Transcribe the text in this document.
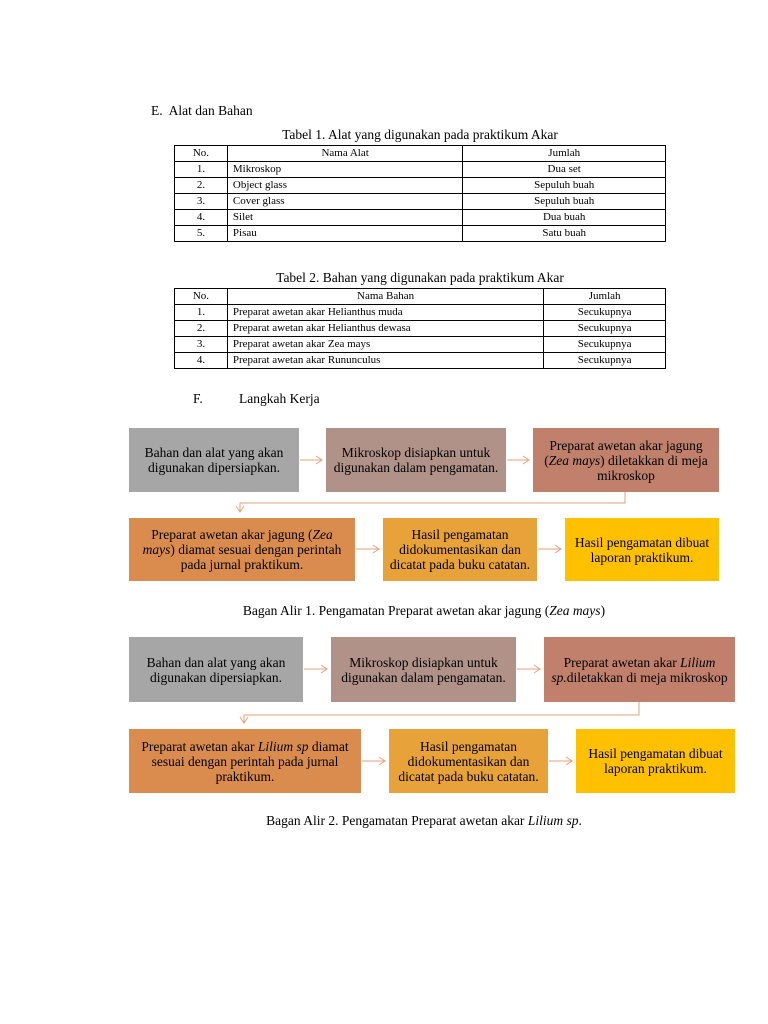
E. Alat dan Bahan
Tabel 1. Alat yang digunakan pada praktikum Akar
No.	Nama Alat	Jumlah
1.	Mikroskop	Dua set
2.	Object glass	Sepuluh buah
3.	Cover glass	Sepuluh buah
4.	Silet	Dua buah
5.	Pisau	Satu buah
Tabel 2. Bahan yang digunakan pada praktikum Akar
No.	Nama Bahan	Jumlah
1.	Preparat awetan akar Helianthus muda	Secukupnya
2.	Preparat awetan akar Helianthus dewasa	Secukupnya
3.	Preparat awetan akar Zea mays	Secukupnya
4.	Preparat awetan akar Rununculus	Secukupnya
F.	Langkah Kerja
Bahan dan alat yang akan digunakan dipersiapkan.
Mikroskop disiapkan untuk digunakan dalam pengamatan.
Preparat awetan akar jagung (Zea mays) diletakkan di meja mikroskop
Preparat awetan akar jagung (Zea mays) diamat sesuai dengan perintah pada jurnal praktikum.
Hasil pengamatan didokumentasikan dan dicatat pada buku catatan.
Hasil pengamatan dibuat laporan praktikum.
Bagan Alir 1. Pengamatan Preparat awetan akar jagung (Zea mays)
Bahan dan alat yang akan digunakan dipersiapkan.
Mikroskop disiapkan untuk digunakan dalam pengamatan.
Preparat awetan akar Lilium sp.diletakkan di meja mikroskop
Preparat awetan akar Lilium sp diamat sesuai dengan perintah pada jurnal praktikum.
Hasil pengamatan didokumentasikan dan dicatat pada buku catatan.
Hasil pengamatan dibuat laporan praktikum.
Bagan Alir 2. Pengamatan Preparat awetan akar Lilium sp.
